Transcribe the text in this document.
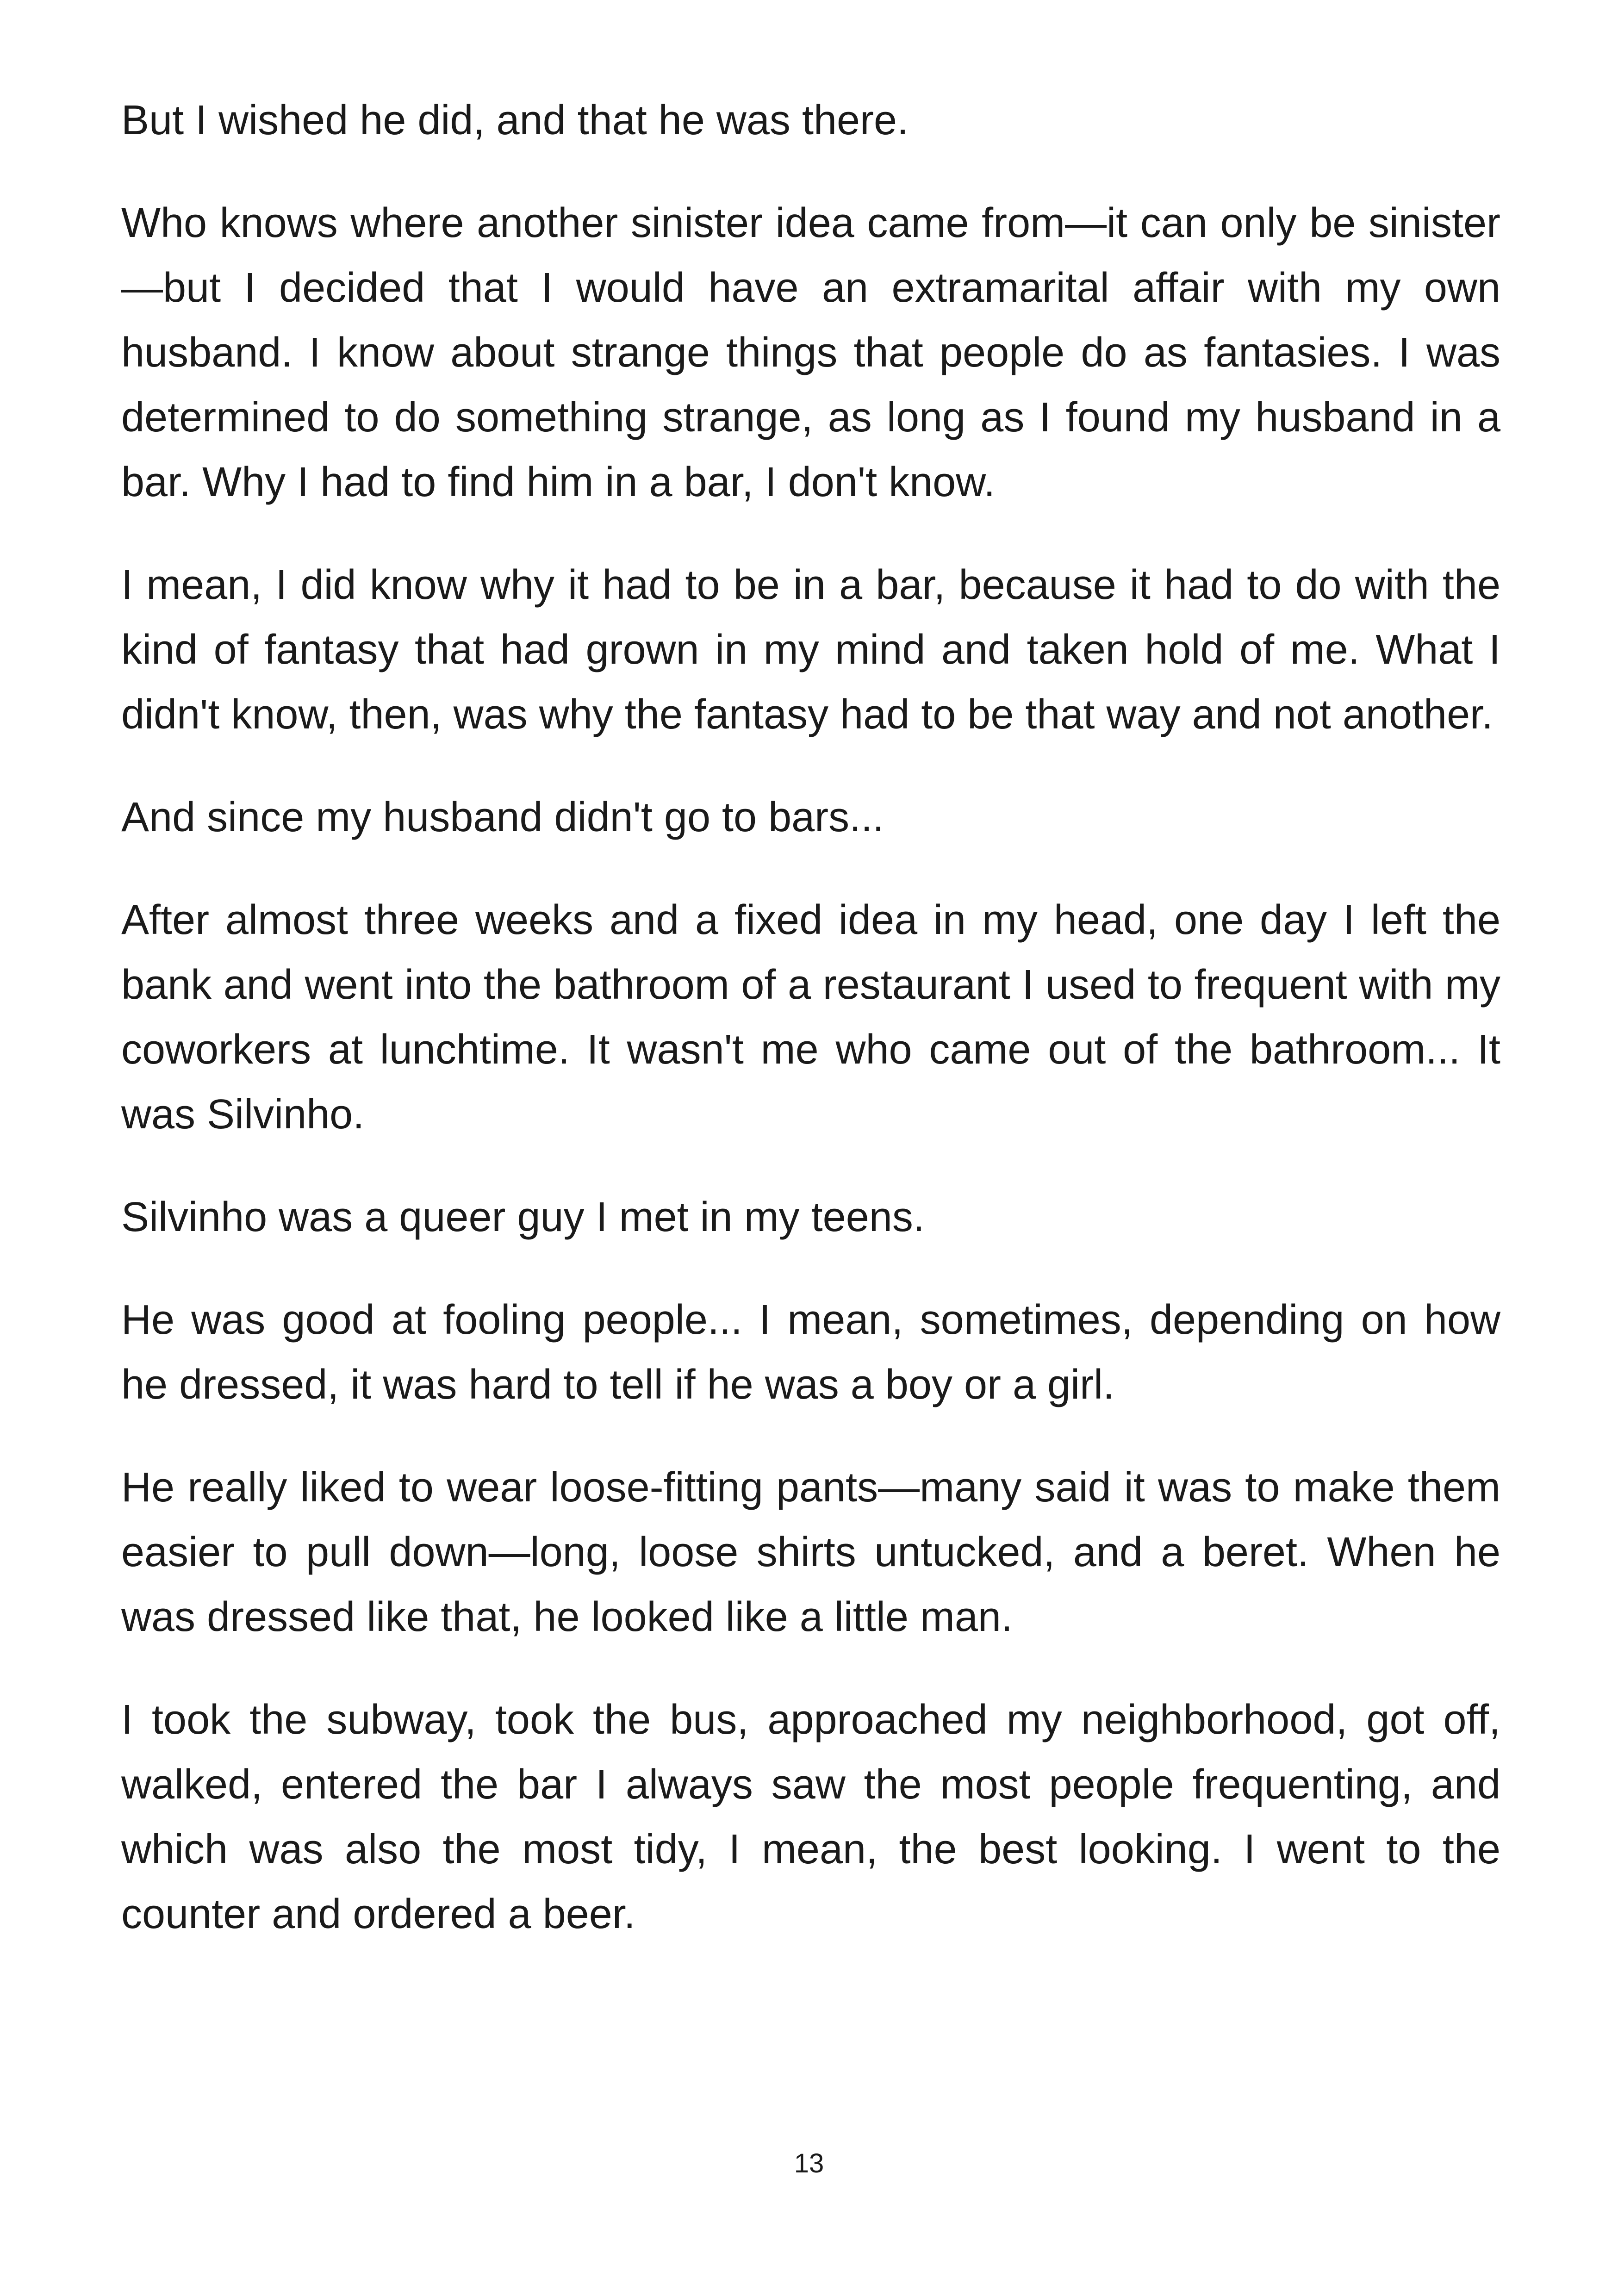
But I wished he did, and that he was there.

Who knows where another sinister idea came from—it can only be sinister—but I decided that I would have an extramarital affair with my own husband. I know about strange things that people do as fantasies. I was determined to do something strange, as long as I found my husband in a bar. Why I had to find him in a bar, I don't know.

I mean, I did know why it had to be in a bar, because it had to do with the kind of fantasy that had grown in my mind and taken hold of me. What I didn't know, then, was why the fantasy had to be that way and not another.

And since my husband didn't go to bars...

After almost three weeks and a fixed idea in my head, one day I left the bank and went into the bathroom of a restaurant I used to frequent with my coworkers at lunchtime. It wasn't me who came out of the bathroom... It was Silvinho.

Silvinho was a queer guy I met in my teens.

He was good at fooling people... I mean, sometimes, depending on how he dressed, it was hard to tell if he was a boy or a girl.

He really liked to wear loose-fitting pants—many said it was to make them easier to pull down—long, loose shirts untucked, and a beret. When he was dressed like that, he looked like a little man.

I took the subway, took the bus, approached my neighborhood, got off, walked, entered the bar I always saw the most people frequenting, and which was also the most tidy, I mean, the best looking. I went to the counter and ordered a beer.

13
